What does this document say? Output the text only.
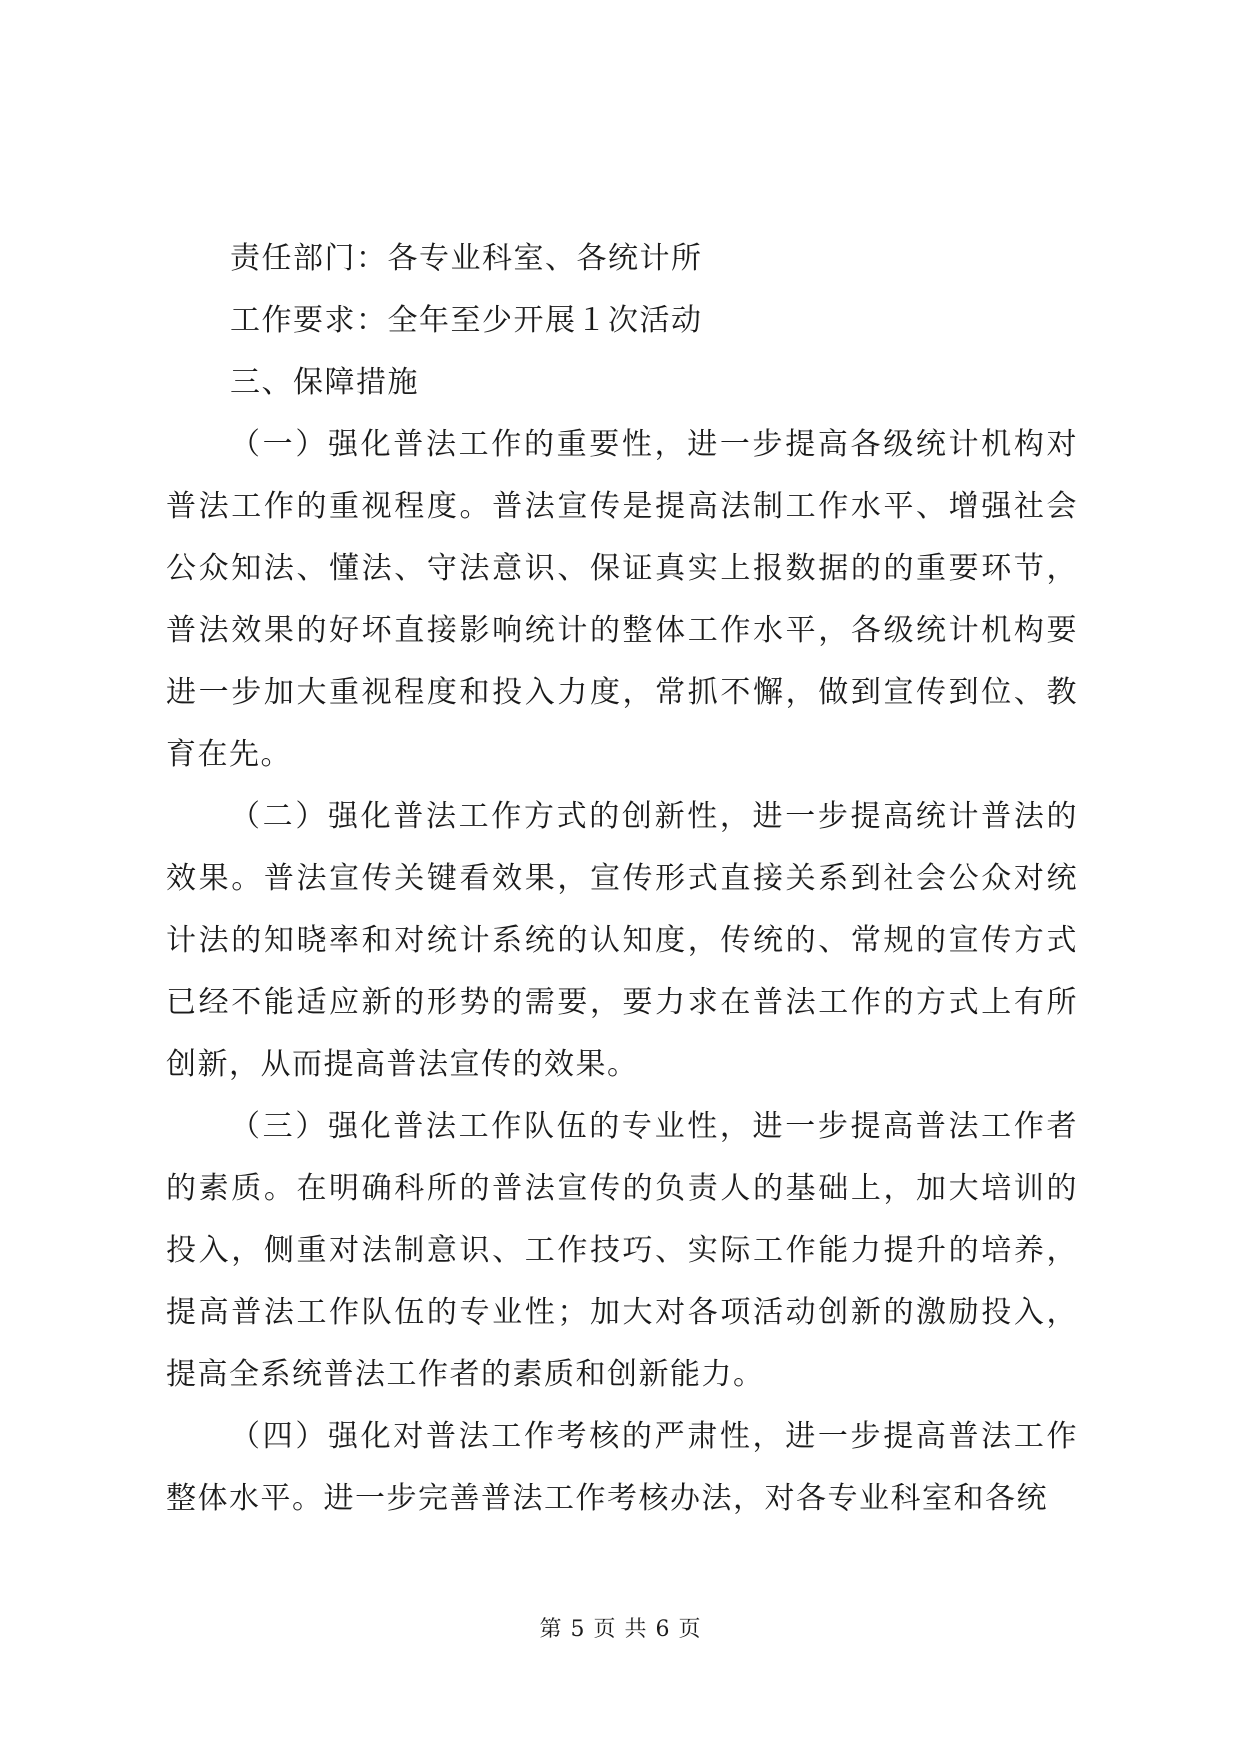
责任部门：各专业科室、各统计所

工作要求：全年至少开展１次活动

三、保障措施

（一）强化普法工作的重要性，进一步提高各级统计机构对普法工作的重视程度。普法宣传是提高法制工作水平、增强社会公众知法、懂法、守法意识、保证真实上报数据的的重要环节，普法效果的好坏直接影响统计的整体工作水平，各级统计机构要进一步加大重视程度和投入力度，常抓不懈，做到宣传到位、教育在先。

（二）强化普法工作方式的创新性，进一步提高统计普法的效果。普法宣传关键看效果，宣传形式直接关系到社会公众对统计法的知晓率和对统计系统的认知度，传统的、常规的宣传方式已经不能适应新的形势的需要，要力求在普法工作的方式上有所创新，从而提高普法宣传的效果。

（三）强化普法工作队伍的专业性，进一步提高普法工作者的素质。在明确科所的普法宣传的负责人的基础上，加大培训的投入，侧重对法制意识、工作技巧、实际工作能力提升的培养，提高普法工作队伍的专业性；加大对各项活动创新的激励投入，提高全系统普法工作者的素质和创新能力。

（四）强化对普法工作考核的严肃性，进一步提高普法工作整体水平。进一步完善普法工作考核办法，对各专业科室和各统

第 5 页 共 6 页
